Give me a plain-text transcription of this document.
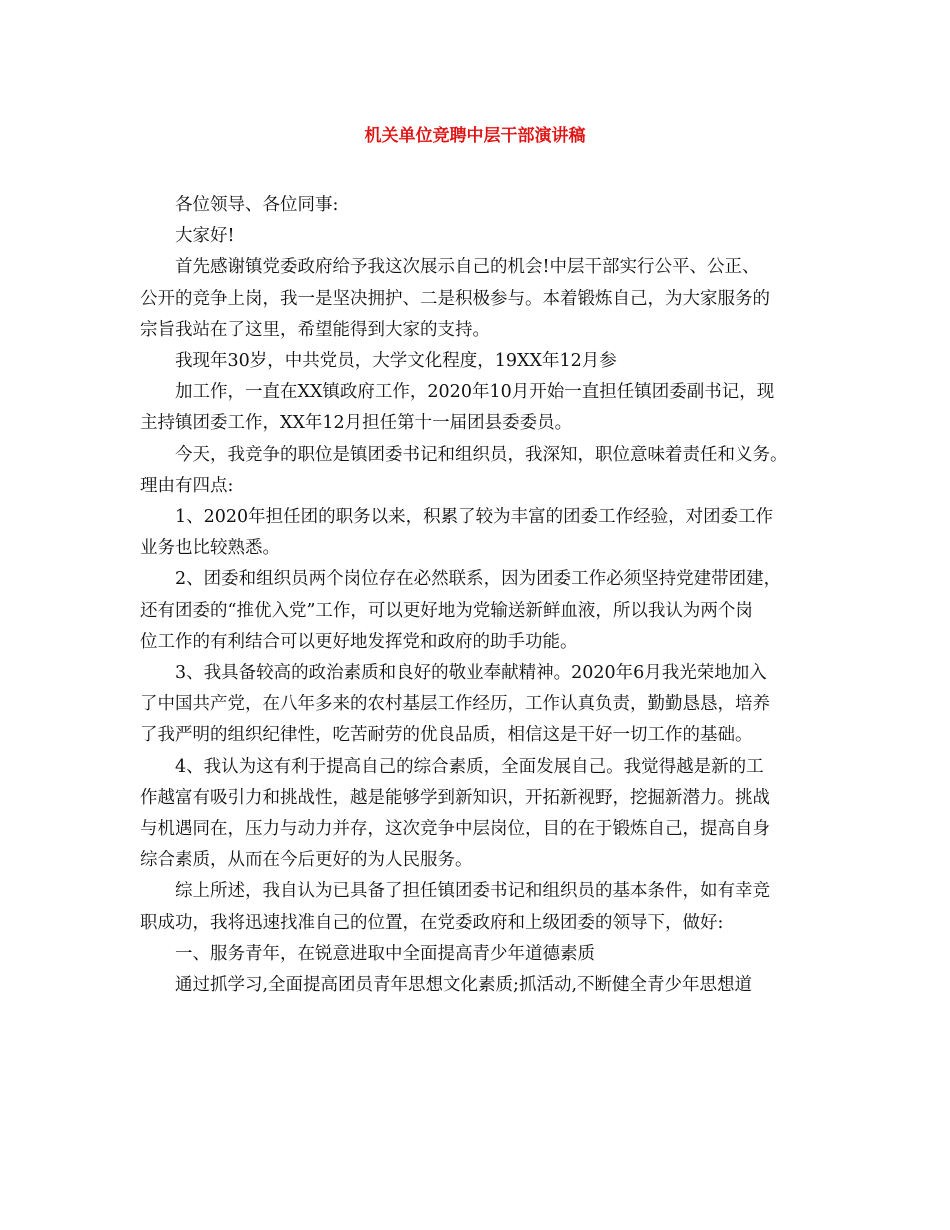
机关单位竞聘中层干部演讲稿

各位领导、各位同事:

大家好!

首先感谢镇党委政府给予我这次展示自己的机会!中层干部实行公平、公正、
公开的竞争上岗，我一是坚决拥护、二是积极参与。本着锻炼自己，为大家服务的
宗旨我站在了这里，希望能得到大家的支持。

我现年30岁，中共党员，大学文化程度，19XX年12月参

加工作，一直在XX镇政府工作，2020年10月开始一直担任镇团委副书记，现
主持镇团委工作，XX年12月担任第十一届团县委委员。

今天，我竞争的职位是镇团委书记和组织员，我深知，职位意味着责任和义务。
理由有四点:

1、2020年担任团的职务以来，积累了较为丰富的团委工作经验，对团委工作
业务也比较熟悉。

2、团委和组织员两个岗位存在必然联系，因为团委工作必须坚持党建带团建，
还有团委的“推优入党”工作，可以更好地为党输送新鲜血液，所以我认为两个岗
位工作的有利结合可以更好地发挥党和政府的助手功能。

3、我具备较高的政治素质和良好的敬业奉献精神。2020年6月我光荣地加入
了中国共产党，在八年多来的农村基层工作经历，工作认真负责，勤勤恳恳，培养
了我严明的组织纪律性，吃苦耐劳的优良品质，相信这是干好一切工作的基础。

4、我认为这有利于提高自己的综合素质，全面发展自己。我觉得越是新的工
作越富有吸引力和挑战性，越是能够学到新知识，开拓新视野，挖掘新潜力。挑战
与机遇同在，压力与动力并存，这次竞争中层岗位，目的在于锻炼自己，提高自身
综合素质，从而在今后更好的为人民服务。

综上所述，我自认为已具备了担任镇团委书记和组织员的基本条件，如有幸竞
职成功，我将迅速找准自己的位置，在党委政府和上级团委的领导下，做好:

一、服务青年，在锐意进取中全面提高青少年道德素质

通过抓学习,全面提高团员青年思想文化素质;抓活动,不断健全青少年思想道
